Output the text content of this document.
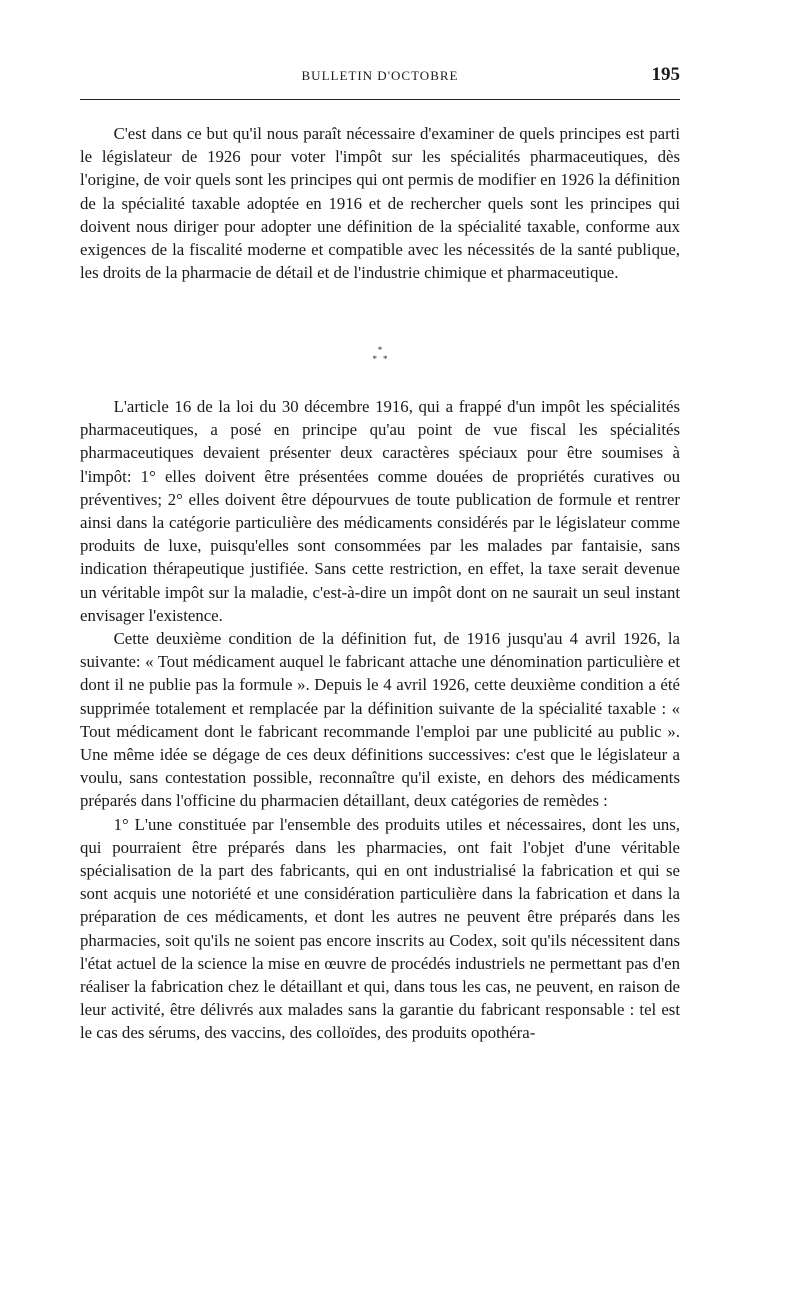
BULLETIN D'OCTOBRE	195

C'est dans ce but qu'il nous paraît nécessaire d'examiner de quels principes est parti le législateur de 1926 pour voter l'impôt sur les spécialités pharmaceutiques, dès l'origine, de voir quels sont les principes qui ont permis de modifier en 1926 la définition de la spécialité taxable adoptée en 1916 et de rechercher quels sont les principes qui doivent nous diriger pour adopter une définition de la spécialité taxable, conforme aux exigences de la fiscalité moderne et compatible avec les nécessités de la santé publique, les droits de la pharmacie de détail et de l'industrie chimique et pharmaceutique.

*
**

L'article 16 de la loi du 30 décembre 1916, qui a frappé d'un impôt les spécialités pharmaceutiques, a posé en principe qu'au point de vue fiscal les spécialités pharmaceutiques devaient présenter deux caractères spéciaux pour être soumises à l'impôt: 1° elles doivent être présentées comme douées de propriétés curatives ou préventives; 2° elles doivent être dépourvues de toute publication de formule et rentrer ainsi dans la catégorie particulière des médicaments considérés par le législateur comme produits de luxe, puisqu'elles sont consommées par les malades par fantaisie, sans indication thérapeutique justifiée. Sans cette restriction, en effet, la taxe serait devenue un véritable impôt sur la maladie, c'est-à-dire un impôt dont on ne saurait un seul instant envisager l'existence.

Cette deuxième condition de la définition fut, de 1916 jusqu'au 4 avril 1926, la suivante: « Tout médicament auquel le fabricant attache une dénomination particulière et dont il ne publie pas la formule ». Depuis le 4 avril 1926, cette deuxième condition a été supprimée totalement et remplacée par la définition suivante de la spécialité taxable : « Tout médicament dont le fabricant recommande l'emploi par une publicité au public ». Une même idée se dégage de ces deux définitions successives: c'est que le législateur a voulu, sans contestation possible, reconnaître qu'il existe, en dehors des médicaments préparés dans l'officine du pharmacien détaillant, deux catégories de remèdes :

1° L'une constituée par l'ensemble des produits utiles et nécessaires, dont les uns, qui pourraient être préparés dans les pharmacies, ont fait l'objet d'une véritable spécialisation de la part des fabricants, qui en ont industrialisé la fabrication et qui se sont acquis une notoriété et une considération particulière dans la fabrication et dans la préparation de ces médicaments, et dont les autres ne peuvent être préparés dans les pharmacies, soit qu'ils ne soient pas encore inscrits au Codex, soit qu'ils nécessitent dans l'état actuel de la science la mise en œuvre de procédés industriels ne permettant pas d'en réaliser la fabrication chez le détaillant et qui, dans tous les cas, ne peuvent, en raison de leur activité, être délivrés aux malades sans la garantie du fabricant responsable : tel est le cas des sérums, des vaccins, des colloïdes, des produits opothéra-
